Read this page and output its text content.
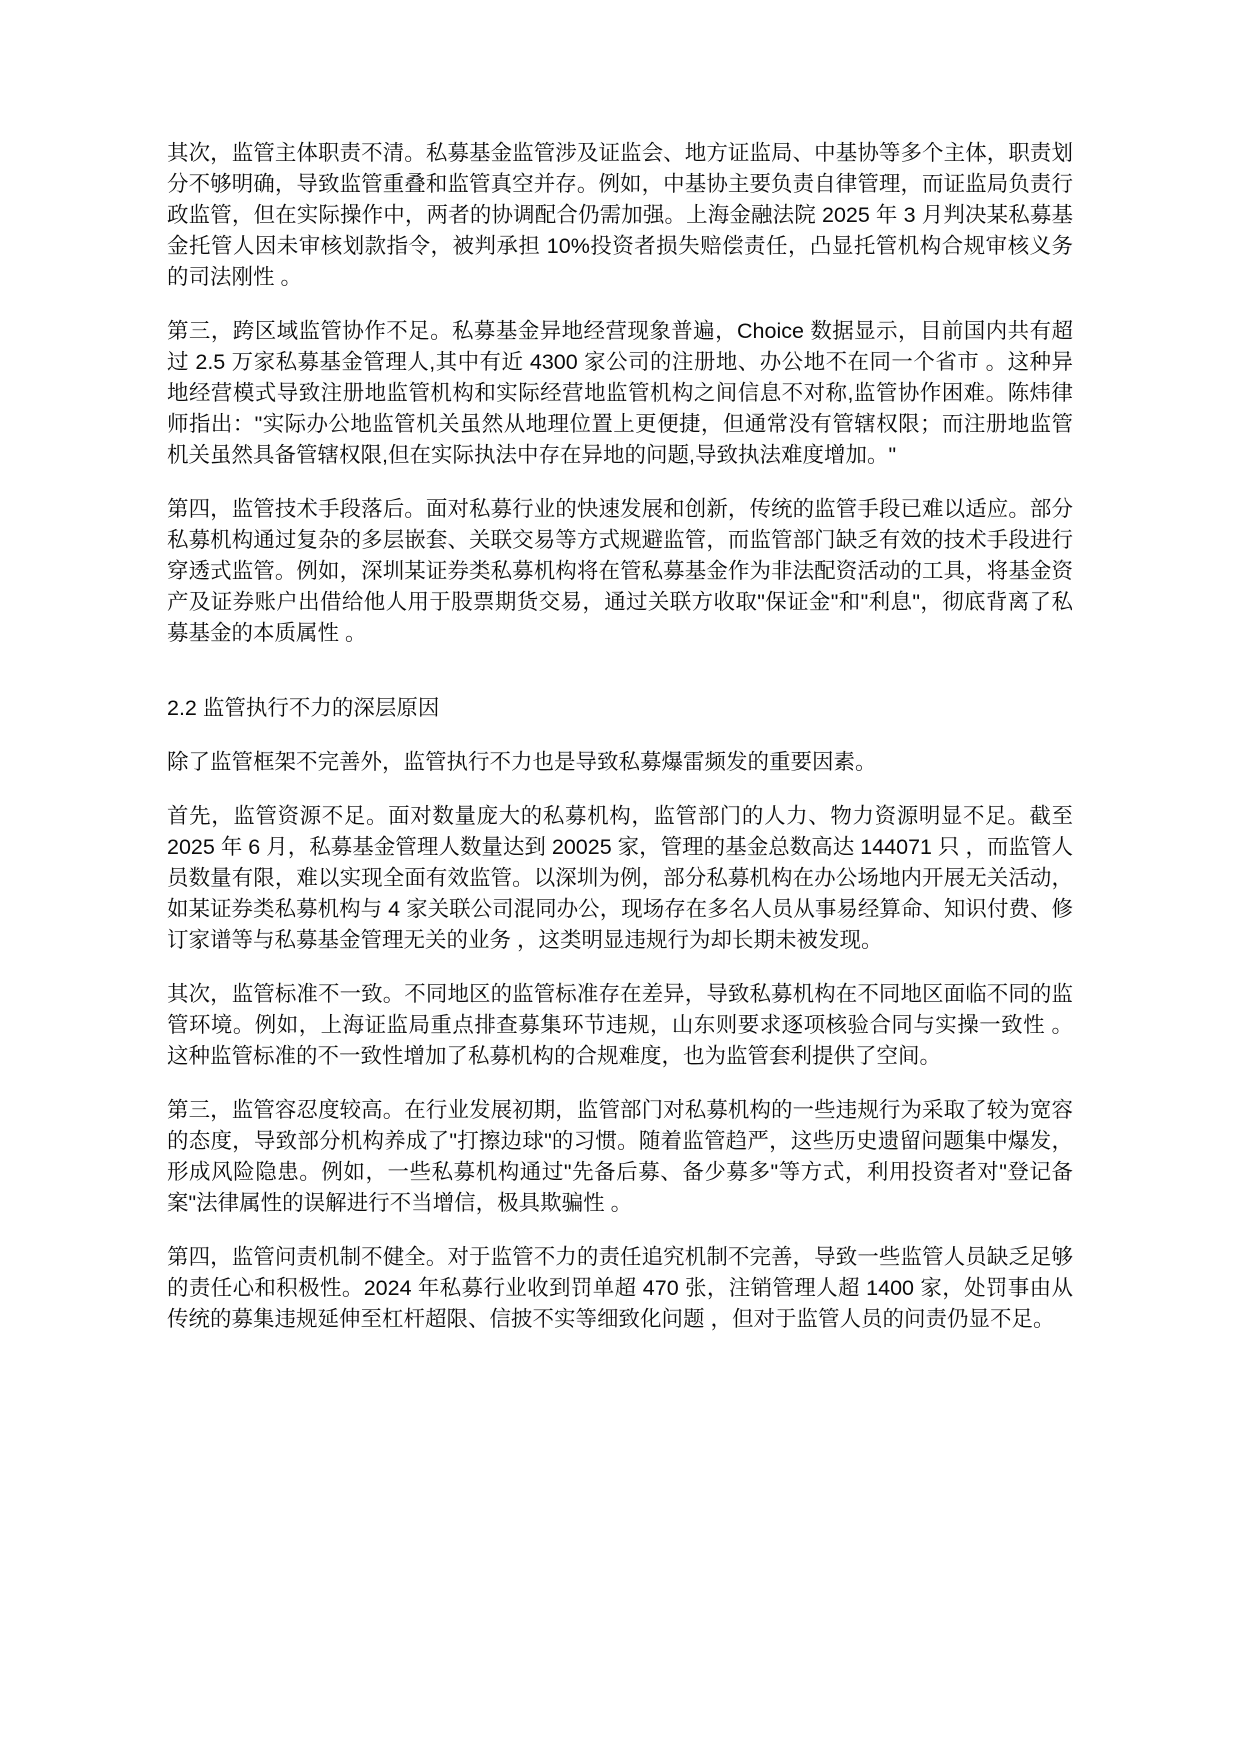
其次，监管主体职责不清。私募基金监管涉及证监会、地方证监局、中基协等多个主体，职责划分不够明确，导致监管重叠和监管真空并存。例如，中基协主要负责自律管理，而证监局负责行政监管，但在实际操作中，两者的协调配合仍需加强。上海金融法院 2025 年 3 月判决某私募基金托管人因未审核划款指令，被判承担 10%投资者损失赔偿责任，凸显托管机构合规审核义务的司法刚性 。

第三，跨区域监管协作不足。私募基金异地经营现象普遍，Choice 数据显示，目前国内共有超过 2.5 万家私募基金管理人,其中有近 4300 家公司的注册地、办公地不在同一个省市 。这种异地经营模式导致注册地监管机构和实际经营地监管机构之间信息不对称,监管协作困难。陈炜律师指出："实际办公地监管机关虽然从地理位置上更便捷，但通常没有管辖权限；而注册地监管机关虽然具备管辖权限,但在实际执法中存在异地的问题,导致执法难度增加。"

第四，监管技术手段落后。面对私募行业的快速发展和创新，传统的监管手段已难以适应。部分私募机构通过复杂的多层嵌套、关联交易等方式规避监管，而监管部门缺乏有效的技术手段进行穿透式监管。例如，深圳某证券类私募机构将在管私募基金作为非法配资活动的工具，将基金资产及证券账户出借给他人用于股票期货交易，通过关联方收取"保证金"和"利息"，彻底背离了私募基金的本质属性 。

2.2 监管执行不力的深层原因

除了监管框架不完善外，监管执行不力也是导致私募爆雷频发的重要因素。

首先，监管资源不足。面对数量庞大的私募机构，监管部门的人力、物力资源明显不足。截至 2025 年 6 月，私募基金管理人数量达到 20025 家，管理的基金总数高达 144071 只 ，而监管人员数量有限，难以实现全面有效监管。以深圳为例，部分私募机构在办公场地内开展无关活动，如某证券类私募机构与 4 家关联公司混同办公，现场存在多名人员从事易经算命、知识付费、修订家谱等与私募基金管理无关的业务 ，这类明显违规行为却长期未被发现。

其次，监管标准不一致。不同地区的监管标准存在差异，导致私募机构在不同地区面临不同的监管环境。例如，上海证监局重点排查募集环节违规，山东则要求逐项核验合同与实操一致性 。这种监管标准的不一致性增加了私募机构的合规难度，也为监管套利提供了空间。

第三，监管容忍度较高。在行业发展初期，监管部门对私募机构的一些违规行为采取了较为宽容的态度，导致部分机构养成了"打擦边球"的习惯。随着监管趋严，这些历史遗留问题集中爆发，形成风险隐患。例如，一些私募机构通过"先备后募、备少募多"等方式，利用投资者对"登记备案"法律属性的误解进行不当增信，极具欺骗性 。

第四，监管问责机制不健全。对于监管不力的责任追究机制不完善，导致一些监管人员缺乏足够的责任心和积极性。2024 年私募行业收到罚单超 470 张，注销管理人超 1400 家，处罚事由从传统的募集违规延伸至杠杆超限、信披不实等细致化问题 ，但对于监管人员的问责仍显不足。
